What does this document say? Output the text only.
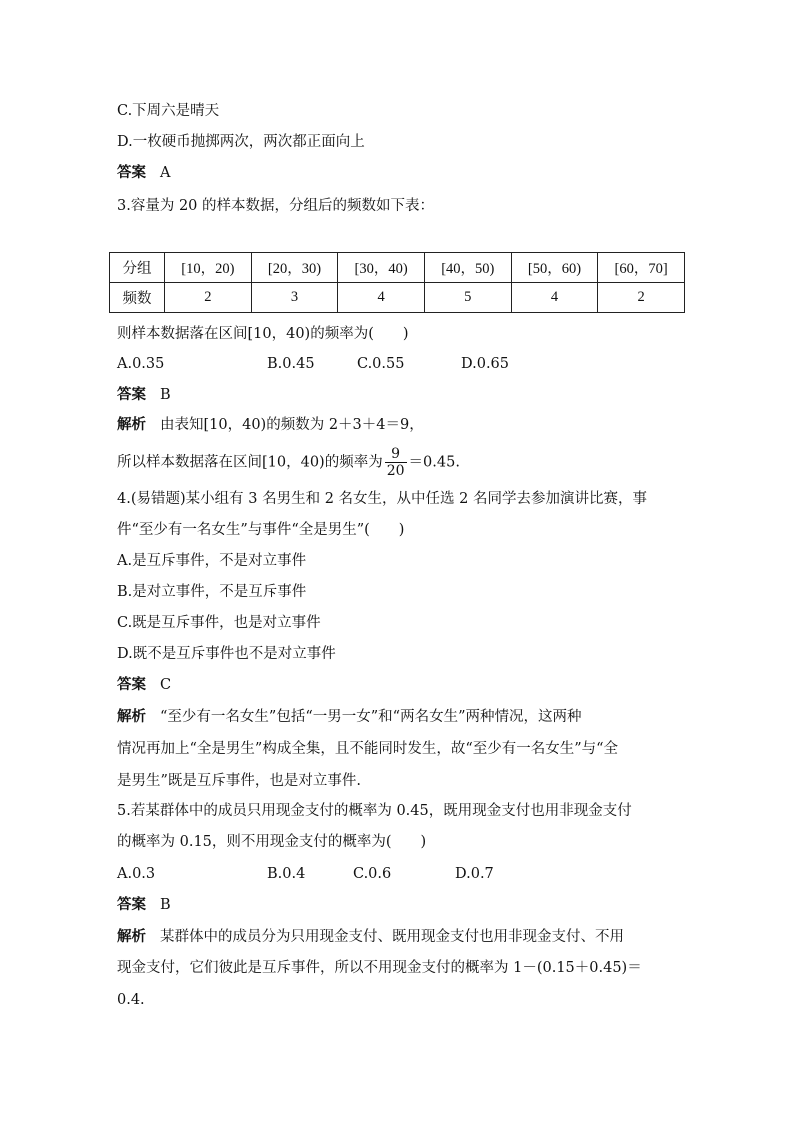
C.下周六是晴天
D.一枚硬币抛掷两次，两次都正面向上
答案 A
3.容量为 20 的样本数据，分组后的频数如下表：
分组	[10，20)	[20，30)	[30，40)	[40，50)	[50，60)	[60，70]
频数	2	3	4	5	4	2
则样本数据落在区间[10，40)的频率为(　　)
A.0.35	B.0.45	C.0.55	D.0.65
答案 B
解析 由表知[10，40)的频数为 2＋3＋4＝9，
所以样本数据落在区间[10，40)的频率为 $\frac{9}{20} =0.45$.
4.(易错题)某小组有 3 名男生和 2 名女生，从中任选 2 名同学去参加演讲比赛，事
件“至少有一名女生”与事件“全是男生”(　　)
A.是互斥事件，不是对立事件
B.是对立事件，不是互斥事件
C.既是互斥事件，也是对立事件
D.既不是互斥事件也不是对立事件
答案 C
解析 “至少有一名女生”包括“一男一女”和“两名女生”两种情况，这两种
情况再加上“全是男生”构成全集，且不能同时发生，故“至少有一名女生”与“全
是男生”既是互斥事件，也是对立事件.
5.若某群体中的成员只用现金支付的概率为 0.45，既用现金支付也用非现金支付
的概率为 0.15，则不用现金支付的概率为(　　)
A.0.3	B.0.4	C.0.6	D.0.7
答案 B
解析 某群体中的成员分为只用现金支付、既用现金支付也用非现金支付、不用
现金支付，它们彼此是互斥事件，所以不用现金支付的概率为 1－(0.15＋0.45)＝
0.4.
